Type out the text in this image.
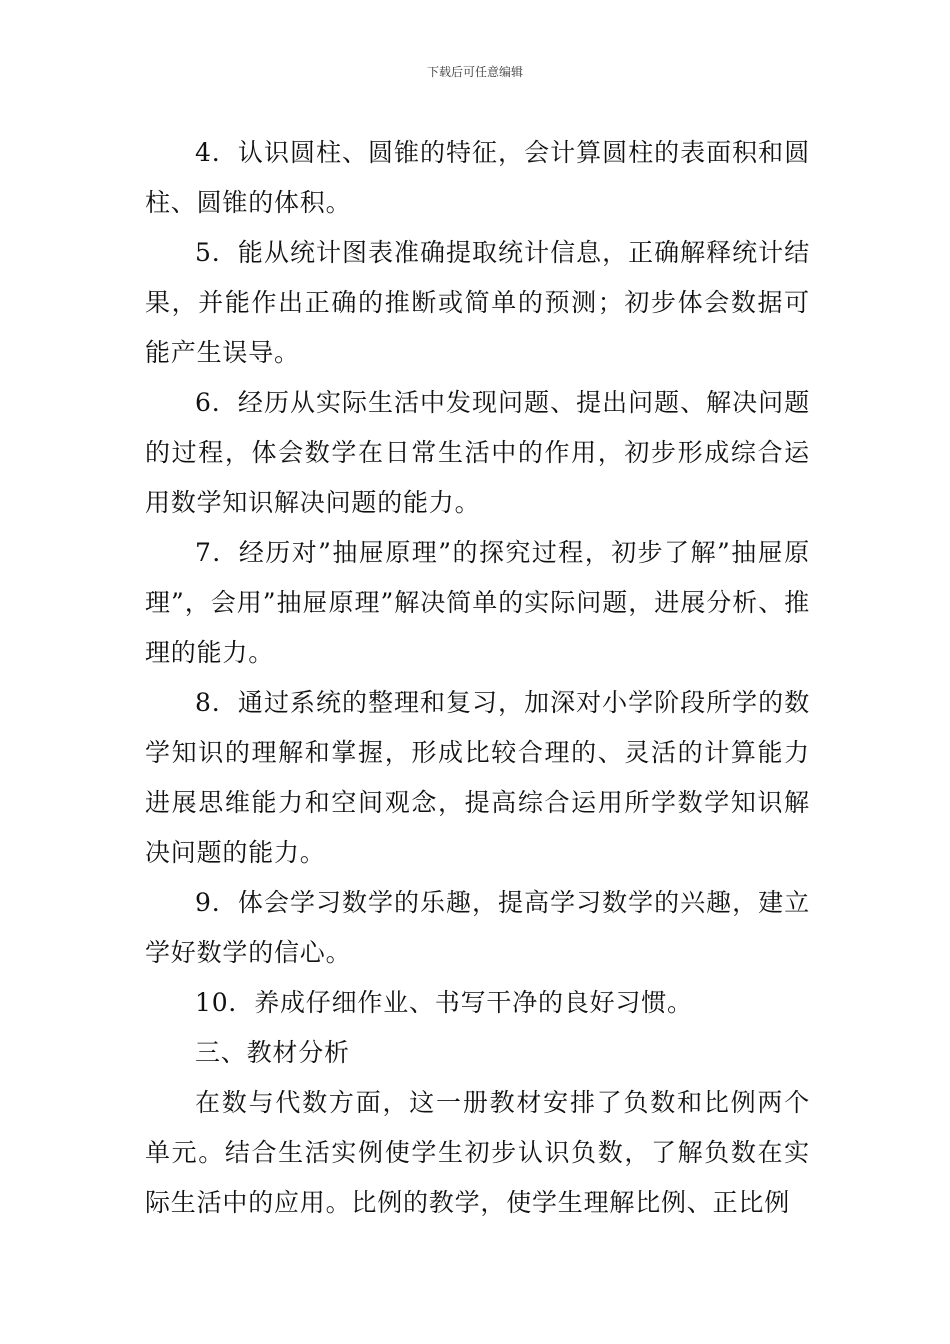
下载后可任意编辑

4．认识圆柱、圆锥的特征，会计算圆柱的表面积和圆柱、圆锥的体积。

5．能从统计图表准确提取统计信息，正确解释统计结果，并能作出正确的推断或简单的预测；初步体会数据可能产生误导。

6．经历从实际生活中发现问题、提出问题、解决问题的过程，体会数学在日常生活中的作用，初步形成综合运用数学知识解决问题的能力。

7．经历对”抽屉原理”的探究过程，初步了解”抽屉原理”，会用”抽屉原理”解决简单的实际问题，进展分析、推理的能力。

8．通过系统的整理和复习，加深对小学阶段所学的数学知识的理解和掌握，形成比较合理的、灵活的计算能力进展思维能力和空间观念，提高综合运用所学数学知识解决问题的能力。

9．体会学习数学的乐趣，提高学习数学的兴趣，建立学好数学的信心。

10．养成仔细作业、书写干净的良好习惯。

三、教材分析

在数与代数方面，这一册教材安排了负数和比例两个单元。结合生活实例使学生初步认识负数，了解负数在实际生活中的应用。比例的教学，使学生理解比例、正比例
